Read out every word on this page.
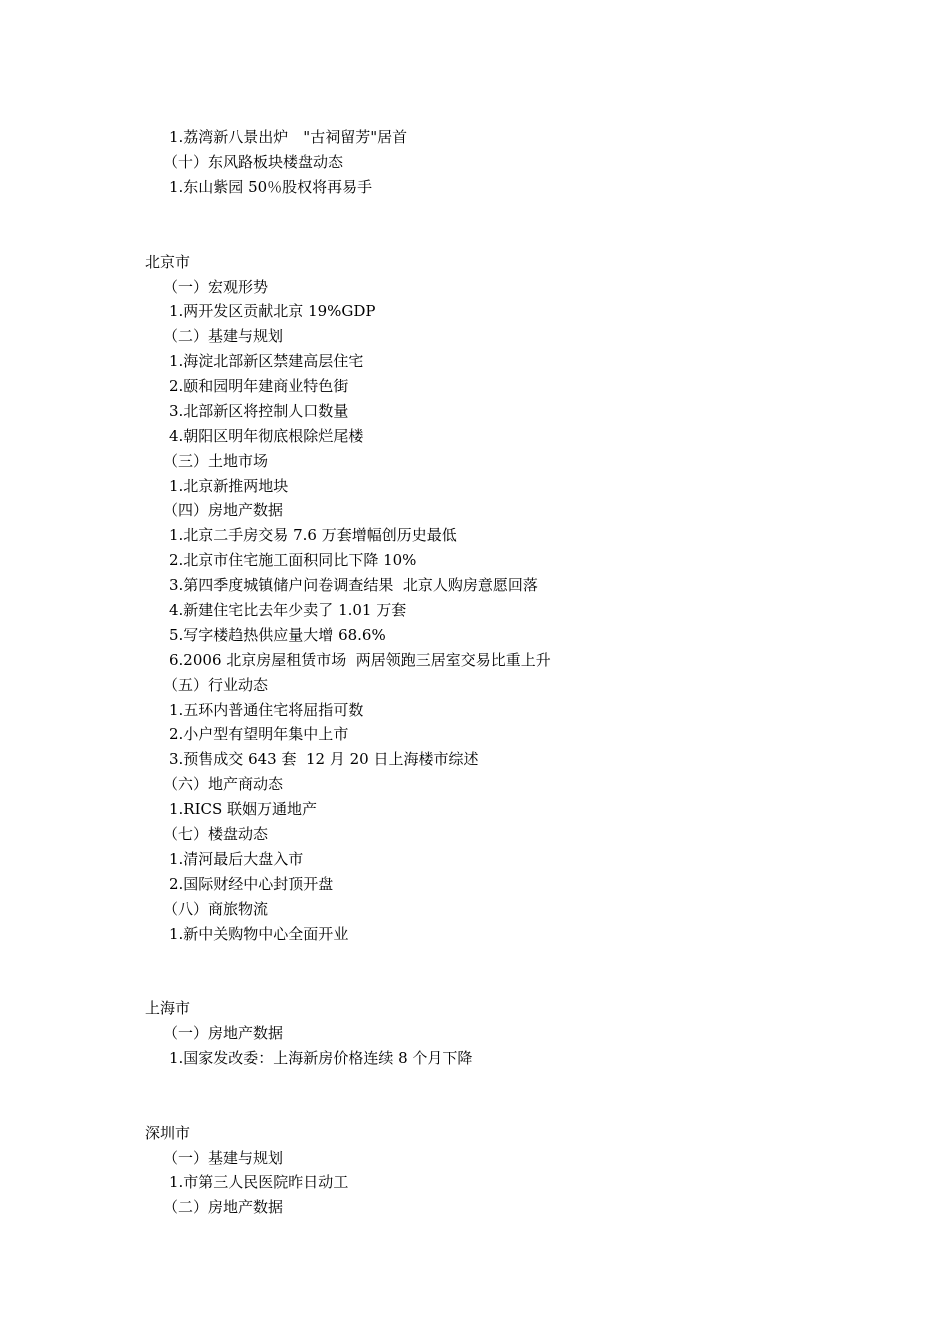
1.荔湾新八景出炉　"古祠留芳"居首
（十）东风路板块楼盘动态
1.东山紫园 50％股权将再易手
北京市
（一）宏观形势
1.两开发区贡献北京 19%GDP
（二）基建与规划
1.海淀北部新区禁建高层住宅
2.颐和园明年建商业特色街
3.北部新区将控制人口数量
4.朝阳区明年彻底根除烂尾楼
（三）土地市场
1.北京新推两地块
（四）房地产数据
1.北京二手房交易 7.6 万套增幅创历史最低
2.北京市住宅施工面积同比下降 10%
3.第四季度城镇储户问卷调查结果  北京人购房意愿回落
4.新建住宅比去年少卖了 1.01 万套
5.写字楼趋热供应量大增 68.6%
6.2006 北京房屋租赁市场  两居领跑三居室交易比重上升
（五）行业动态
1.五环内普通住宅将屈指可数
2.小户型有望明年集中上市
3.预售成交 643 套  12 月 20 日上海楼市综述
（六）地产商动态
1.RICS 联姻万通地产
（七）楼盘动态
1.清河最后大盘入市
2.国际财经中心封顶开盘
（八）商旅物流
1.新中关购物中心全面开业
上海市
（一）房地产数据
1.国家发改委：上海新房价格连续 8 个月下降
深圳市
（一）基建与规划
1.市第三人民医院昨日动工
（二）房地产数据
